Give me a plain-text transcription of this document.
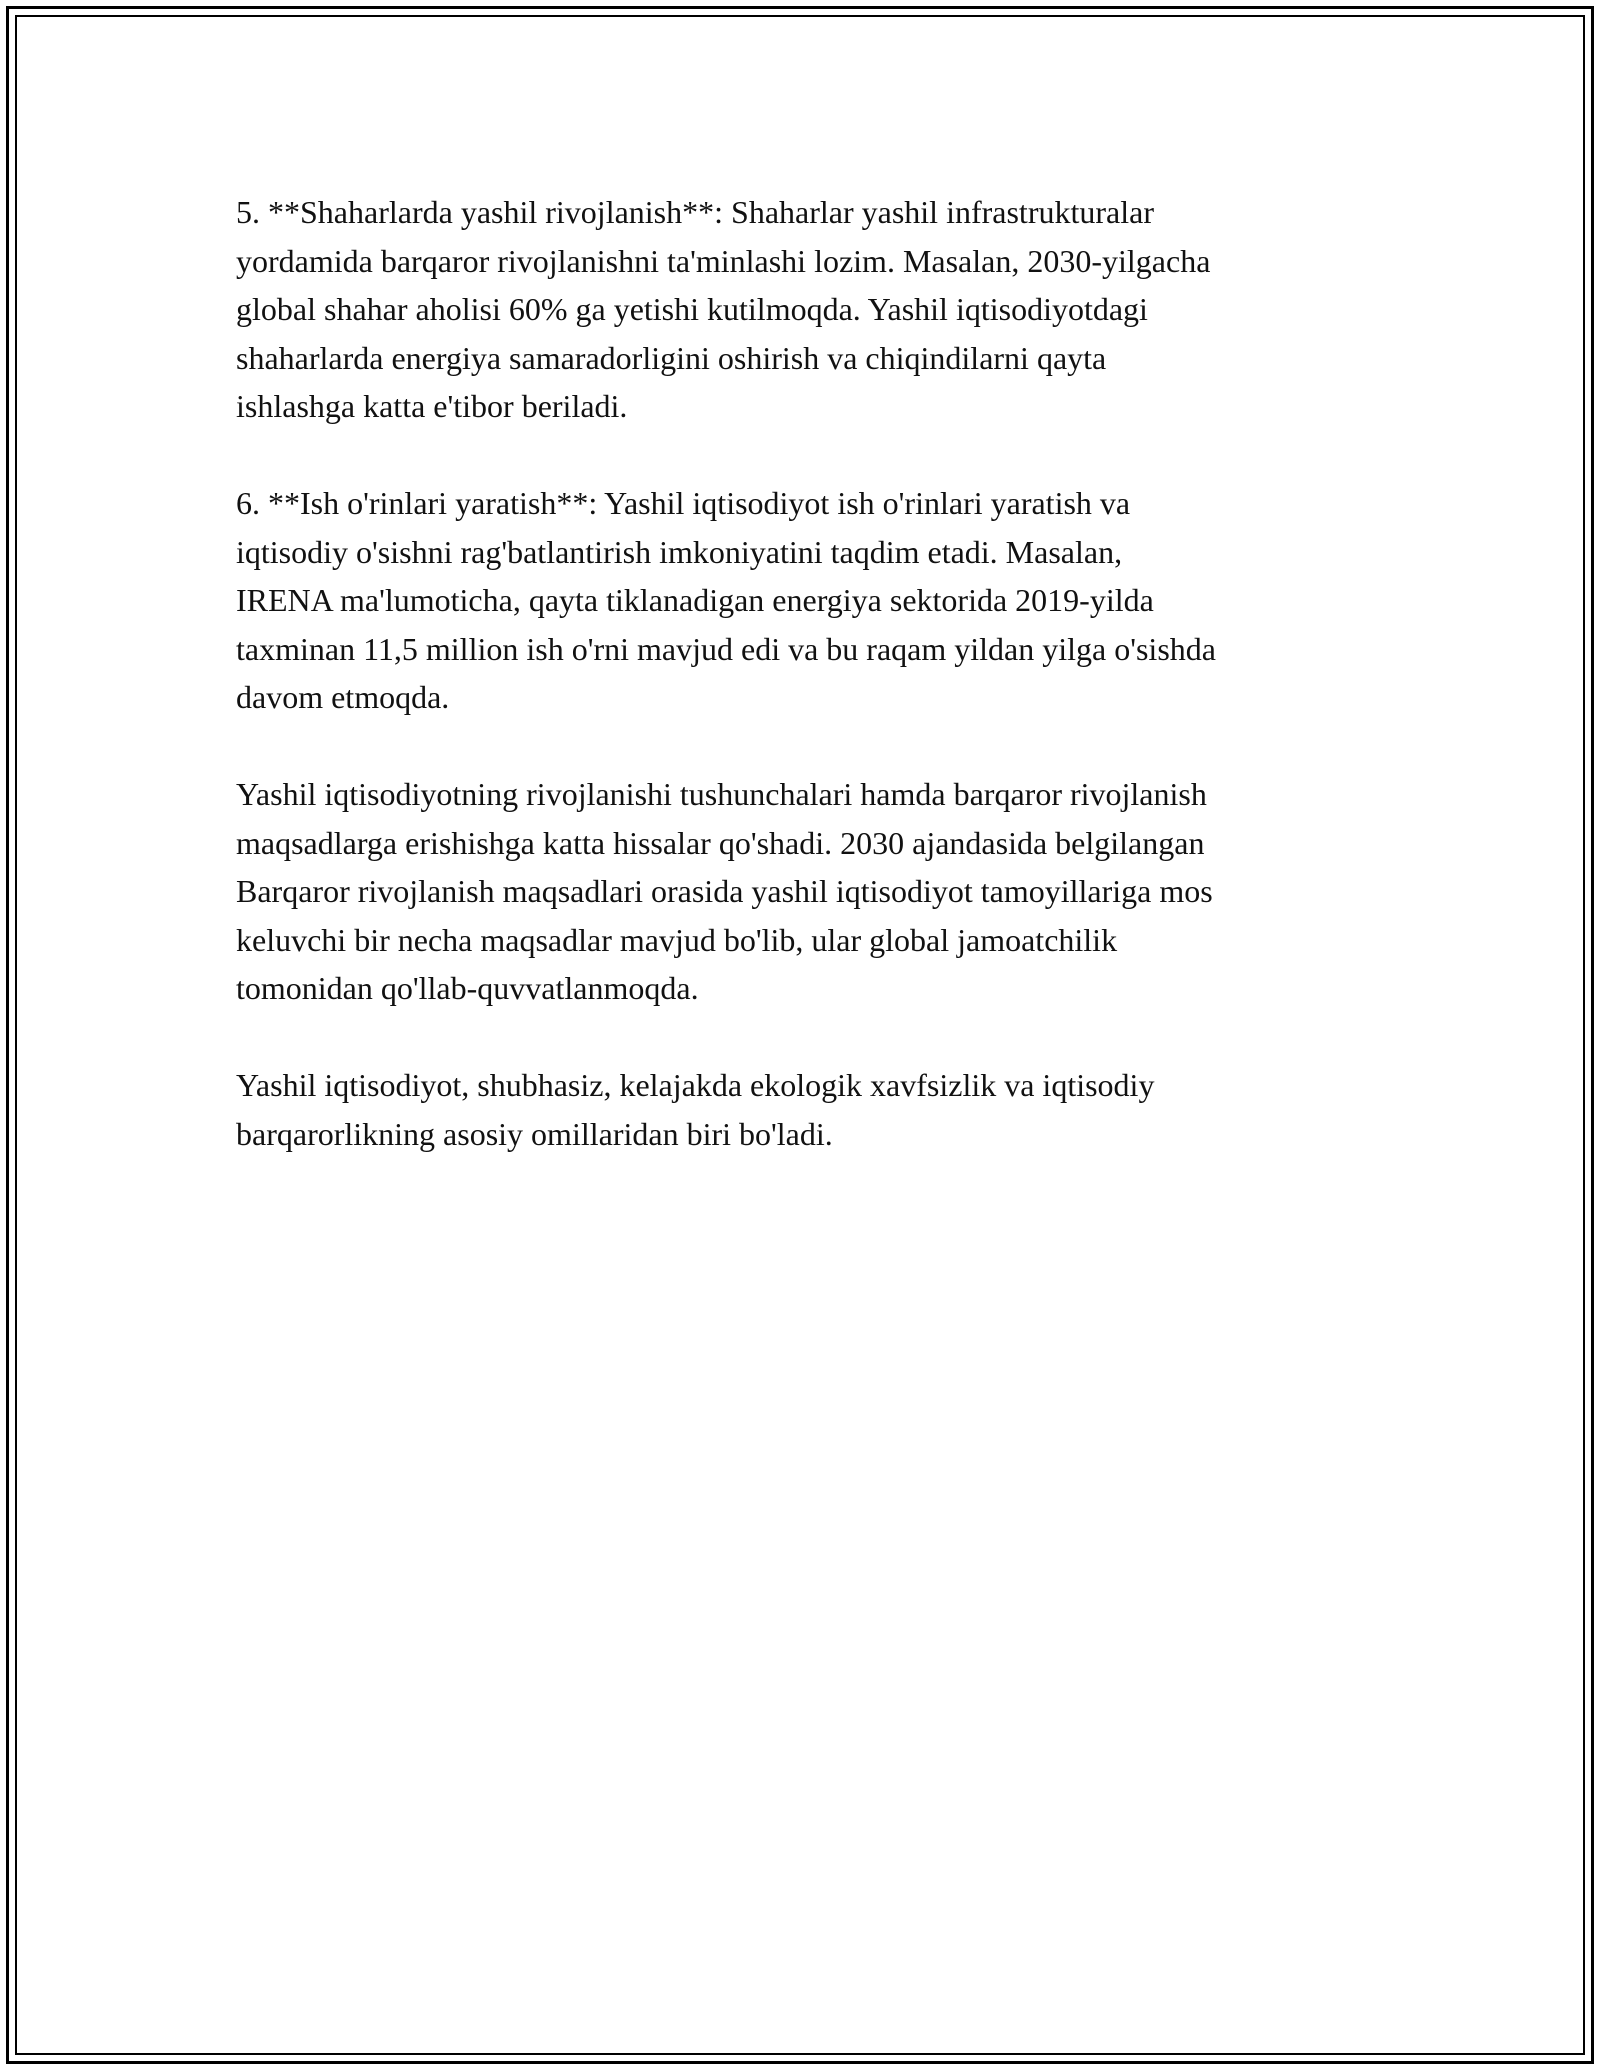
5. **Shaharlarda yashil rivojlanish**: Shaharlar yashil infrastrukturalar
yordamida barqaror rivojlanishni ta'minlashi lozim. Masalan, 2030-yilgacha
global shahar aholisi 60% ga yetishi kutilmoqda. Yashil iqtisodiyotdagi
shaharlarda energiya samaradorligini oshirish va chiqindilarni qayta
ishlashga katta e'tibor beriladi.

6. **Ish o'rinlari yaratish**: Yashil iqtisodiyot ish o'rinlari yaratish va
iqtisodiy o'sishni rag'batlantirish imkoniyatini taqdim etadi. Masalan,
IRENA ma'lumoticha, qayta tiklanadigan energiya sektorida 2019-yilda
taxminan 11,5 million ish o'rni mavjud edi va bu raqam yildan yilga o'sishda
davom etmoqda.

Yashil iqtisodiyotning rivojlanishi tushunchalari hamda barqaror rivojlanish
maqsadlarga erishishga katta hissalar qo'shadi. 2030 ajandasida belgilangan
Barqaror rivojlanish maqsadlari orasida yashil iqtisodiyot tamoyillariga mos
keluvchi bir necha maqsadlar mavjud bo'lib, ular global jamoatchilik
tomonidan qo'llab-quvvatlanmoqda.

Yashil iqtisodiyot, shubhasiz, kelajakda ekologik xavfsizlik va iqtisodiy
barqarorlikning asosiy omillaridan biri bo'ladi.
